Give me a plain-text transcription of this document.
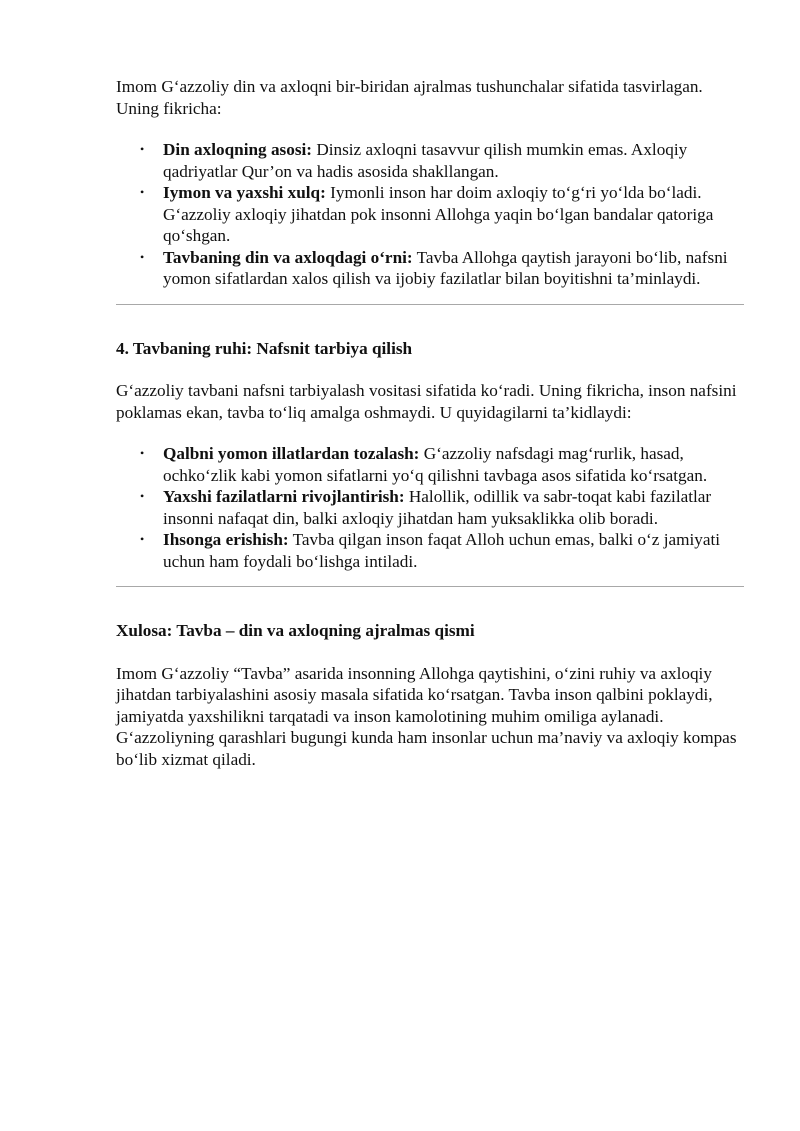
Imom G‘azzoliy din va axloqni bir-biridan ajralmas tushunchalar sifatida tasvirlagan. Uning fikricha:

• Din axloqning asosi: Dinsiz axloqni tasavvur qilish mumkin emas. Axloqiy qadriyatlar Qur’on va hadis asosida shakllangan.
• Iymon va yaxshi xulq: Iymonli inson har doim axloqiy to‘g‘ri yo‘lda bo‘ladi. G‘azzoliy axloqiy jihatdan pok insonni Allohga yaqin bo‘lgan bandalar qatoriga qo‘shgan.
• Tavbaning din va axloqdagi o‘rni: Tavba Allohga qaytish jarayoni bo‘lib, nafsni yomon sifatlardan xalos qilish va ijobiy fazilatlar bilan boyitishni ta’minlaydi.
4. Tavbaning ruhi: Nafsnit tarbiya qilish

G‘azzoliy tavbani nafsni tarbiyalash vositasi sifatida ko‘radi. Uning fikricha, inson nafsini poklamas ekan, tavba to‘liq amalga oshmaydi. U quyidagilarni ta’kidlaydi:

• Qalbni yomon illatlardan tozalash: G‘azzoliy nafsdagi mag‘rurlik, hasad, ochko‘zlik kabi yomon sifatlarni yo‘q qilishni tavbaga asos sifatida ko‘rsatgan.
• Yaxshi fazilatlarni rivojlantirish: Halollik, odillik va sabr-toqat kabi fazilatlar insonni nafaqat din, balki axloqiy jihatdan ham yuksaklikka olib boradi.
• Ihsonga erishish: Tavba qilgan inson faqat Alloh uchun emas, balki o‘z jamiyati uchun ham foydali bo‘lishga intiladi.
Xulosa: Tavba – din va axloqning ajralmas qismi

Imom G‘azzoliy “Tavba” asarida insonning Allohga qaytishini, o‘zini ruhiy va axloqiy jihatdan tarbiyalashini asosiy masala sifatida ko‘rsatgan. Tavba inson qalbini poklaydi, jamiyatda yaxshilikni tarqatadi va inson kamolotining muhim omiliga aylanadi. G‘azzoliyning qarashlari bugungi kunda ham insonlar uchun ma’naviy va axloqiy kompas bo‘lib xizmat qiladi.
